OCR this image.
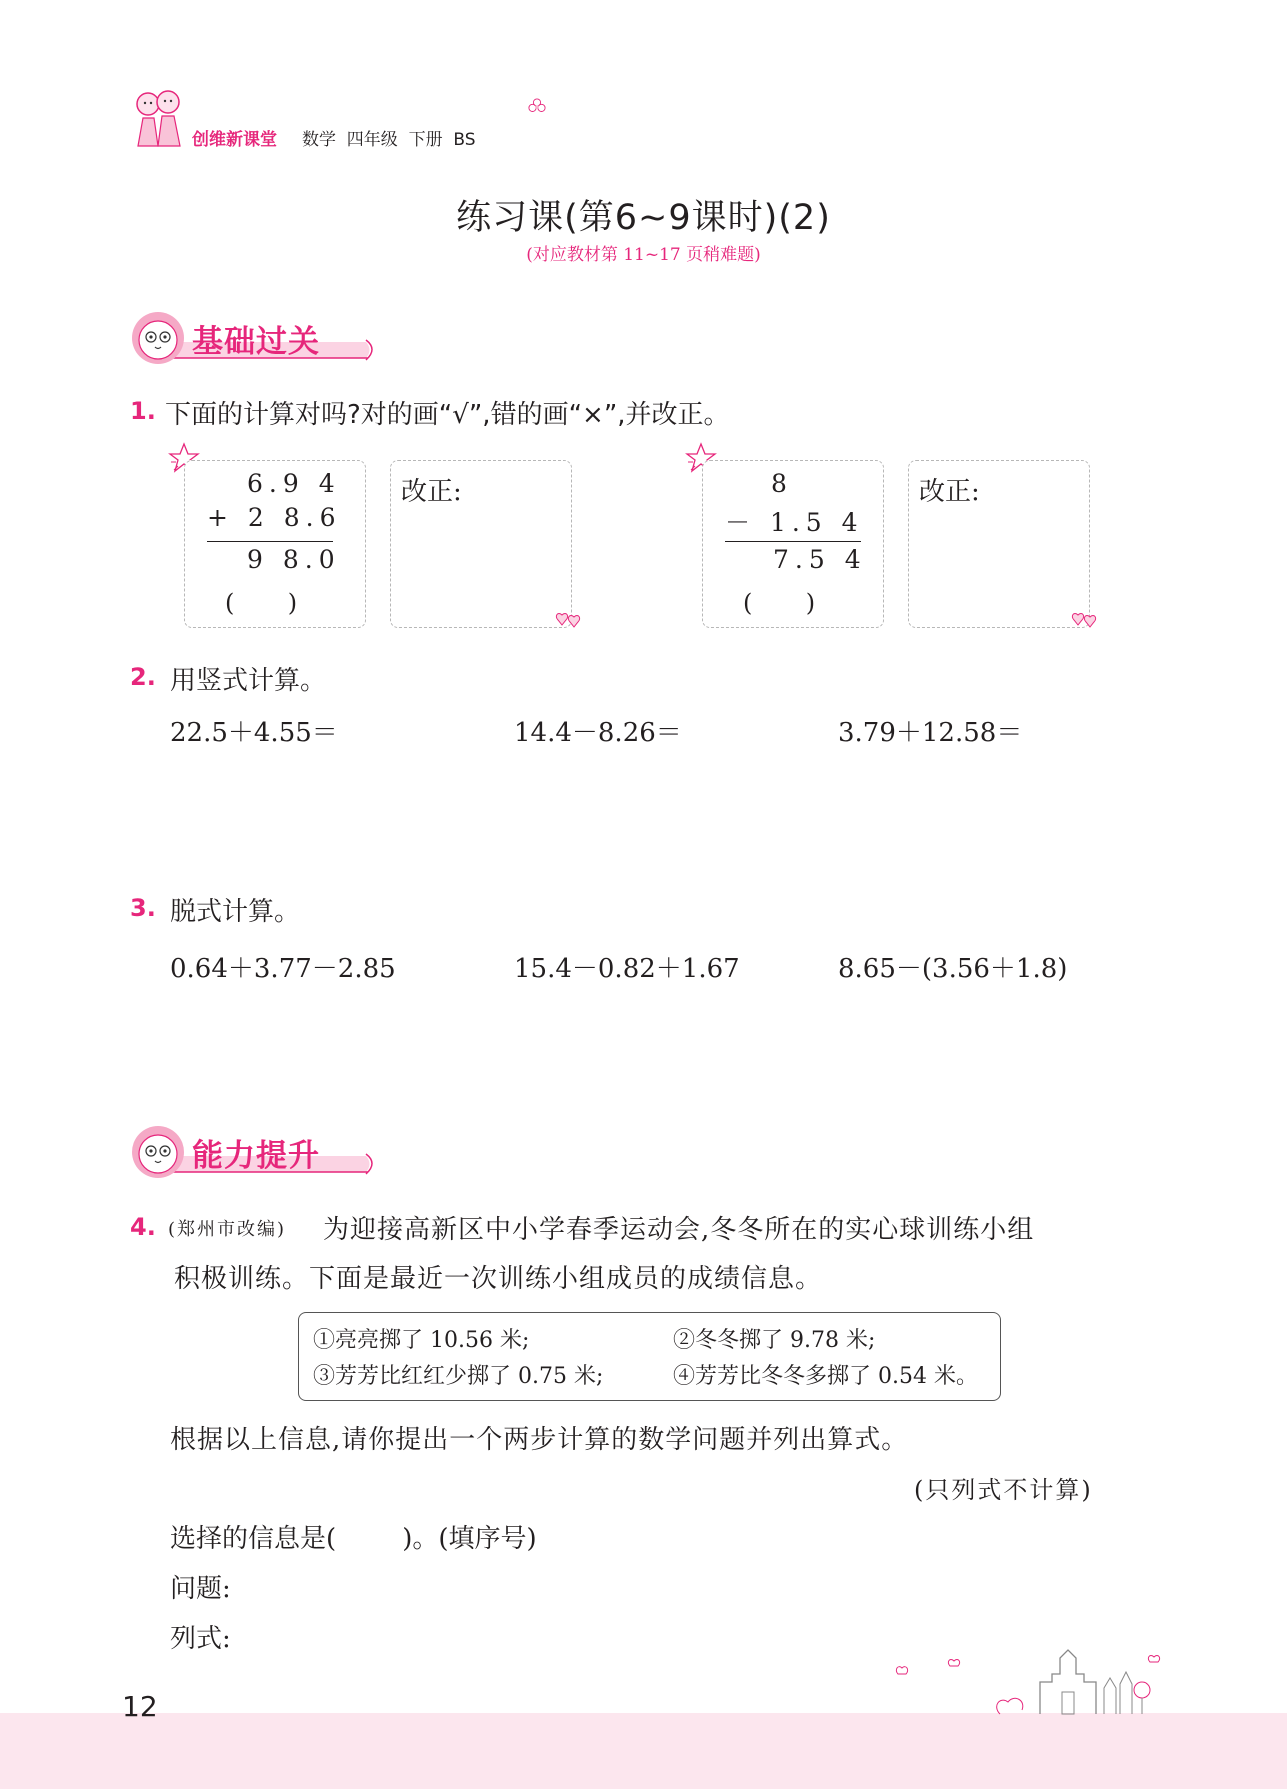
创维新课堂 数学  四年级  下册  BS
练习课(第6~9课时)(2)
(对应教材第 11~17 页稍难题)
基础过关
1. 下面的计算对吗?对的画“√”,错的画“×”,并改正。
6.9 4
+ 2 8.6
9 8.0
(       )
改正:	8
－ 1.5 4
7.5 4
(       )
改正:
2. 用竖式计算。
22.5＋4.55＝	14.4－8.26＝	3.79＋12.58＝
3. 脱式计算。
0.64＋3.77－2.85	15.4－0.82＋1.67	8.65－(3.56＋1.8)
能力提升
4. (郑州市改编) 为迎接高新区中小学春季运动会,冬冬所在的实心球训练小组
积极训练。下面是最近一次训练小组成员的成绩信息。
①亮亮掷了 10.56 米;	②冬冬掷了 9.78 米;
③芳芳比红红少掷了 0.75 米;	④芳芳比冬冬多掷了 0.54 米。
根据以上信息,请你提出一个两步计算的数学问题并列出算式。
(只列式不计算)
选择的信息是(        )。(填序号)
问题:
列式:
12
